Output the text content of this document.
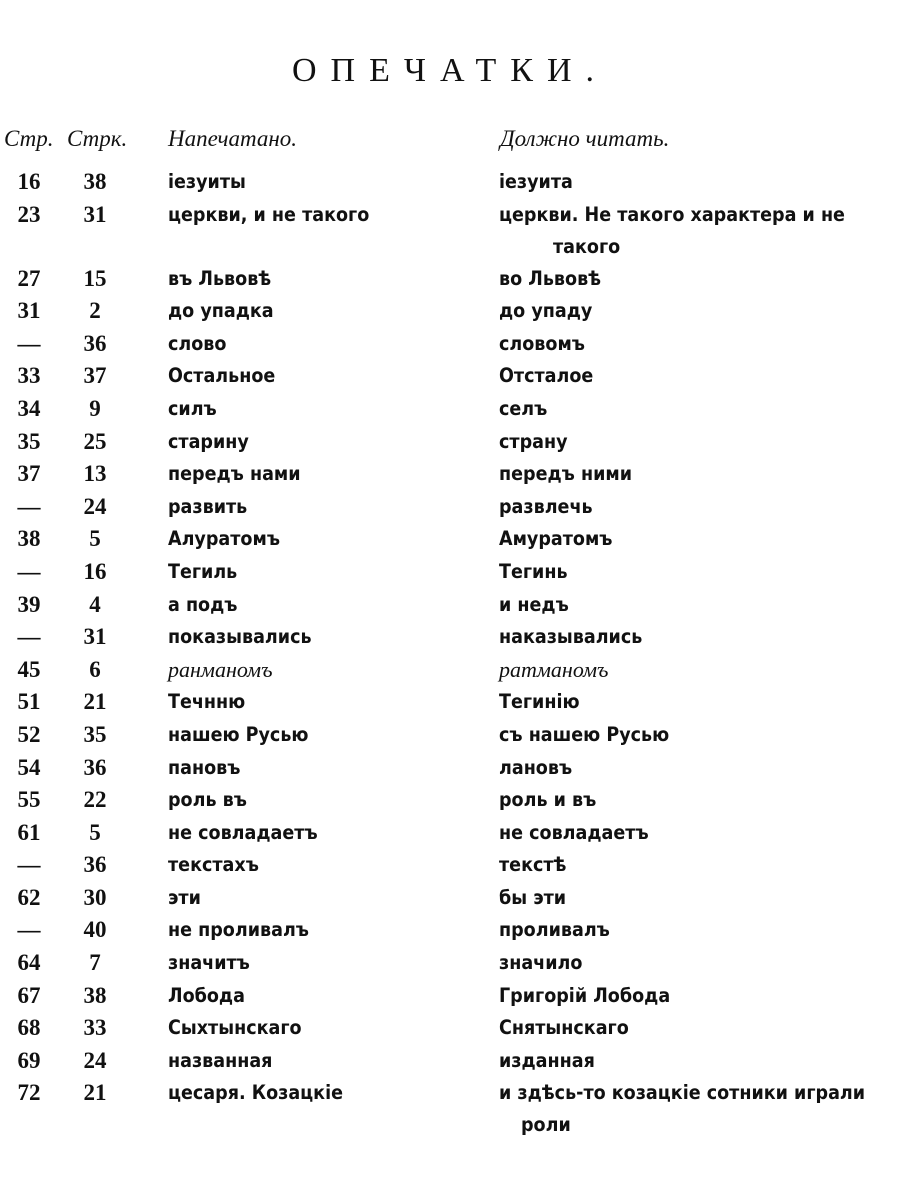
ОПЕЧАТКИ.
Стр. Стрк. Напечатано.	Должно читать.
16	38	іезуиты	іезуита
23	31	церкви, и не такого	церкви. Не такого характера и не
такого
27	15	въ Львовѣ	во Львовѣ
31	2	до упадка	до упаду
—	36	слово	словомъ
33	37	Остальное	Отсталое
34	9	силъ	селъ
35	25	старину	страну
37	13	передъ нами	передъ ними
—	24	развить	развлечь
38	5	Алуратомъ	Амуратомъ
—	16	Тегиль	Тегинь
39	4	а подъ	и недъ
—	31	показывались	наказывались
45	6	ранманомъ	ратманомъ
51	21	Течнню	Тегинію
52	35	нашею Русью	съ нашею Русью
54	36	пановъ	лановъ
55	22	роль въ	роль и въ
61	5	не совладаетъ	не совладаетъ
—	36	текстахъ	текстѣ
62	30	эти	бы эти
—	40	не проливалъ	проливалъ
64	7	значитъ	значило
67	38	Лобода	Григорій Лобода
68	33	Сыхтынскаго	Снятынскаго
69	24	названная	изданная
72	21	цесаря. Козацкіе	и здѣсь-то козацкіе сотники играли
роли
